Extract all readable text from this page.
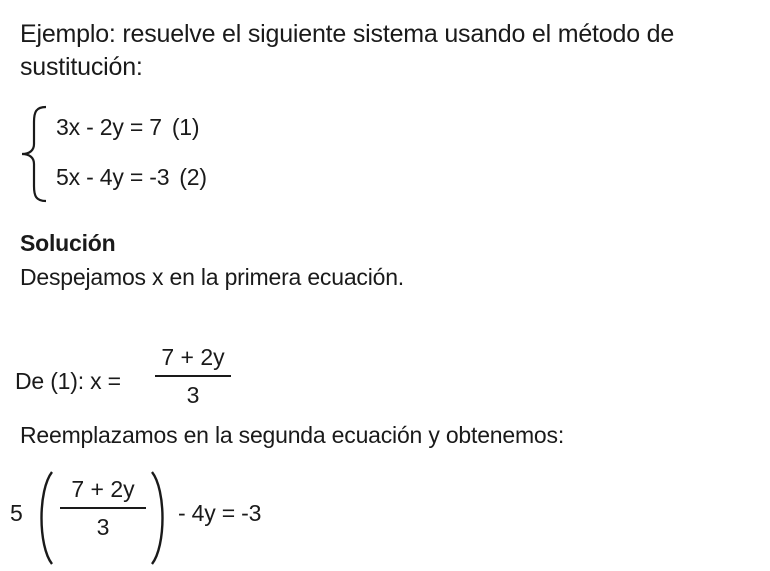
Ejemplo: resuelve el siguiente sistema usando el método de sustitución:
3x - 2y = 7 (1)
5x - 4y = -3 (2)
Solución
Despejamos x en la primera ecuación.
De (1): x =
7 + 2y
3
Reemplazamos en la segunda ecuación y obtenemos:
5
7 + 2y
3
- 4y = -3
